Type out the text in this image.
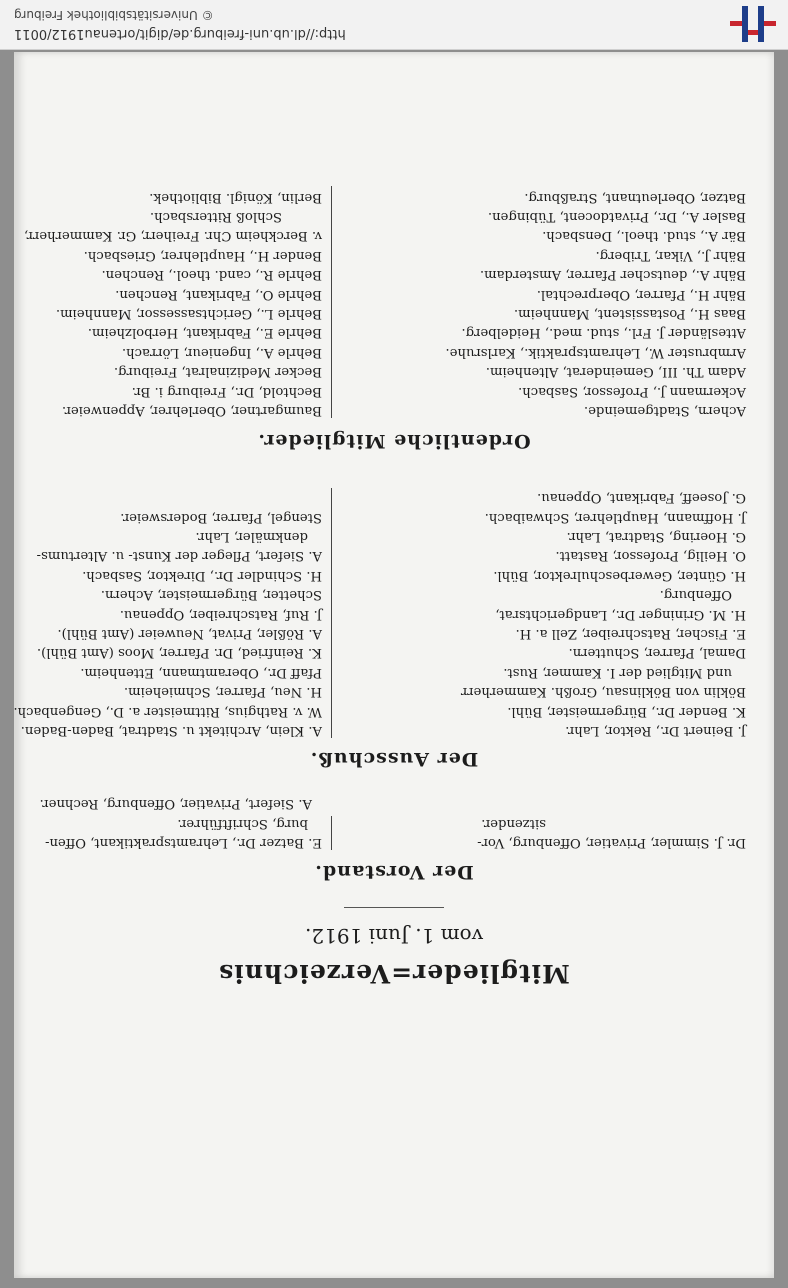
Mitglieder=Verzeichnis
vom 1. Juni 1912.
Der Vorstand.
Dr. J. Simmler, Privatier, Offenburg, Vor-
sitzender.
E. Batzer Dr., Lehramtspraktikant, Offen-
burg, Schriftführer.
A. Siefert, Privatier, Offenburg, Rechner.
Der Ausschuß.
J. Beinert Dr., Rektor, Lahr.
K. Bender Dr., Bürgermeister, Bühl.
Böklin von Böklinsau, Großh. Kammerherr
und Mitglied der I. Kammer, Rust.
Damal, Pfarrer, Schuttern.
E. Fischer, Ratschreiber, Zell a. H.
H. M. Grininger Dr., Landgerichtsrat,
Offenburg.
H. Günter, Gewerbeschulrektor, Bühl.
O. Heilig, Professor, Rastatt.
G. Hoering, Stadtrat, Lahr.
J. Hoffmann, Hauptlehrer, Schwaibach.
G. Joseeff, Fabrikant, Oppenau.
A. Klein, Architekt u. Stadtrat, Baden-Baden.
W. v. Rathgius, Rittmeister a. D., Gengenbach.
H. Neu, Pfarrer, Schmieheim.
Pfaff Dr., Oberamtmann, Ettenheim.
K. Reinfried, Dr. Pfarrer, Moos (Amt Bühl).
A. Rößler, Privat, Neuweier (Amt Bühl).
J. Ruf, Ratschreiber, Oppenau.
Schetter, Bürgermeister, Achern.
H. Schindler Dr., Direktor, Sasbach.
A. Siefert, Pfleger der Kunst- u. Altertums-
denkmäler, Lahr.
Stengel, Pfarrer, Bodersweier.
Ordentliche Mitglieder.
Achern, Stadtgemeinde.
Ackermann J., Professor, Sasbach.
Adam Th. III, Gemeinderat, Altenheim.
Armbruster W., Lehramtspraktik., Karlsruhe.
Attesländer J. Frl., stud. med., Heidelberg.
Baas H., Postassistent, Mannheim.
Bähr H., Pfarrer, Oberprechtal.
Bähr A., deutscher Pfarrer, Amsterdam.
Bähr J., Vikar, Triberg.
Bär A., stud. theol., Densbach.
Basler A., Dr., Privatdocent, Tübingen.
Batzer, Oberleutnant, Straßburg.
Baumgartner, Oberlehrer, Appenweier.
Bechtold, Dr., Freiburg i. Br.
Becker Medizinalrat, Freiburg.
Behrle A., Ingenieur, Lörrach.
Behrle E., Fabrikant, Herbolzheim.
Behrle L., Gerichtsassessor, Mannheim.
Behrle O., Fabrikant, Renchen.
Behrle R., cand. theol., Renchen.
Bender H., Hauptlehrer, Griesbach.
v. Berckheim Chr. Freiherr, Gr. Kammerherr,
Schloß Rittersbach.
Berlin, Königl. Bibliothek.
http://dl.ub.uni-freiburg.de/digit/ortenau1912/0011
© Universitätsbibliothek Freiburg
